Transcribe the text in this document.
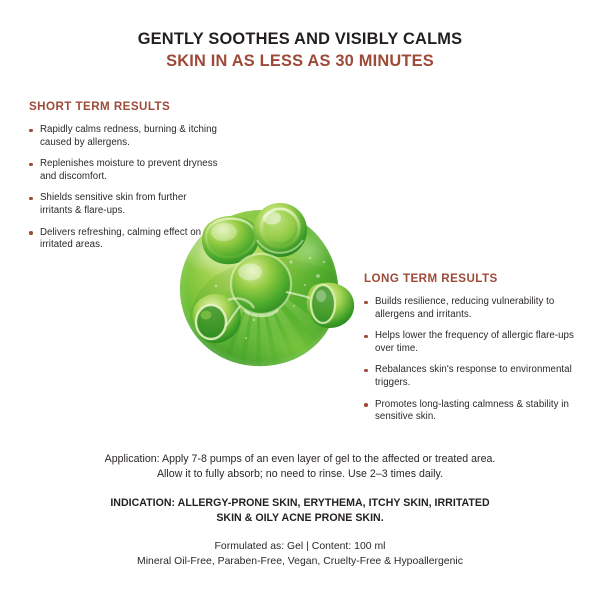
GENTLY SOOTHES AND VISIBLY CALMS
SKIN IN AS LESS AS 30 MINUTES
SHORT TERM RESULTS
Rapidly calms redness, burning & itching caused by allergens.
Replenishes moisture to prevent dryness and discomfort.
Shields sensitive skin from further irritants & flare-ups.
Delivers refreshing, calming effect on irritated areas.
LONG TERM RESULTS
Builds resilience, reducing vulnerability to allergens and irritants.
Helps lower the frequency of allergic flare-ups over time.
Rebalances skin's response to environmental triggers.
Promotes long-lasting calmness & stability in sensitive skin.
Application: Apply 7-8 pumps of an even layer of gel to the affected or treated area.
Allow it to fully absorb; no need to rinse. Use 2–3 times daily.
INDICATION: ALLERGY-PRONE SKIN, ERYTHEMA, ITCHY SKIN, IRRITATED
SKIN & OILY ACNE PRONE SKIN.
Formulated as: Gel | Content: 100 ml
Mineral Oil-Free, Paraben-Free, Vegan, Cruelty-Free & Hypoallergenic
